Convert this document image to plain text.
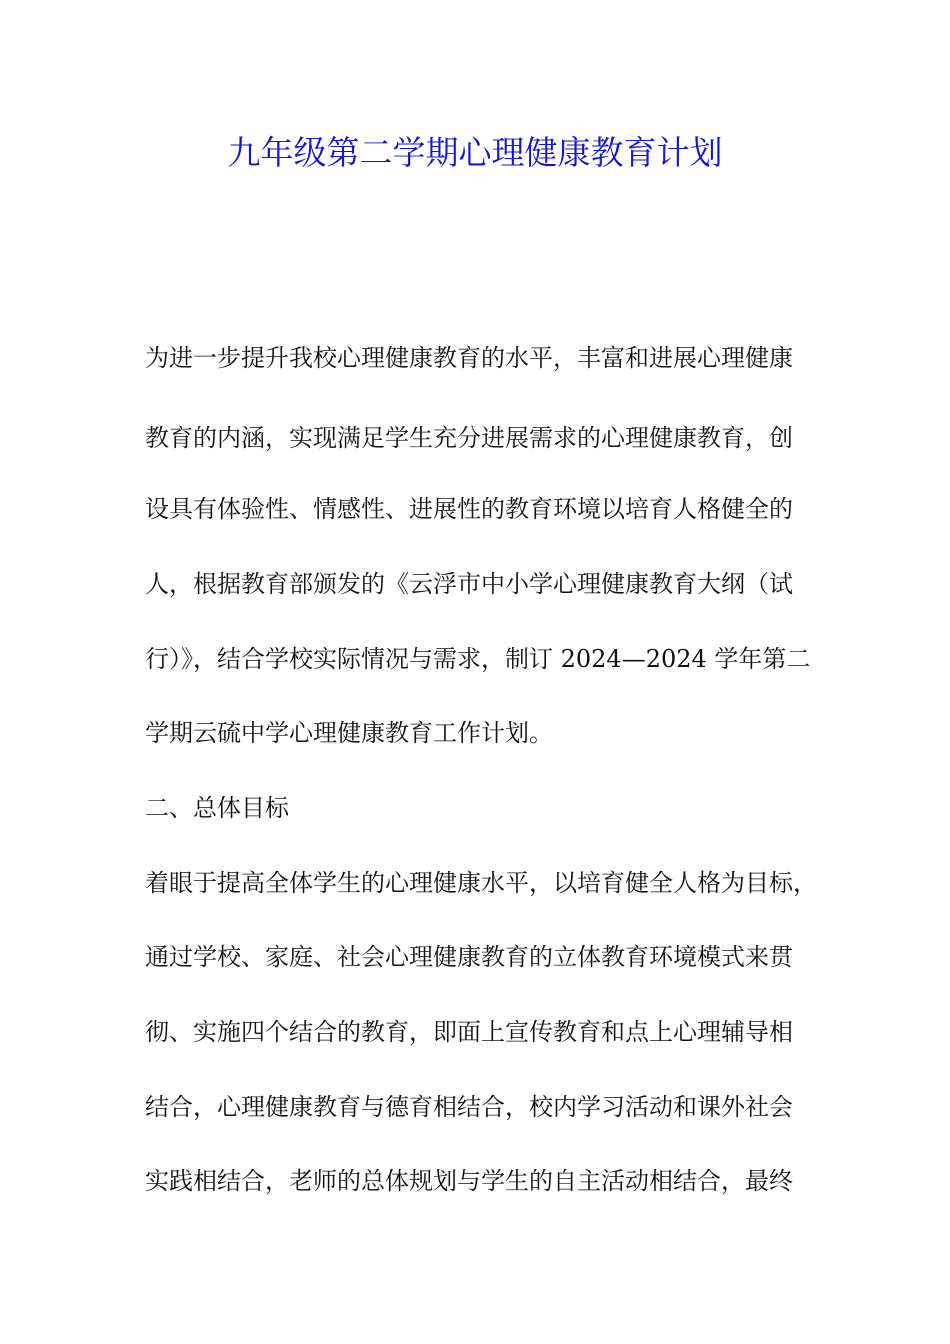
九年级第二学期心理健康教育计划

为进一步提升我校心理健康教育的水平，丰富和进展心理健康

教育的内涵，实现满足学生充分进展需求的心理健康教育，创

设具有体验性、情感性、进展性的教育环境以培育人格健全的

人，根据教育部颁发的《云浮市中小学心理健康教育大纲（试

行）》，结合学校实际情况与需求，制订 2024—2024 学年第二

学期云硫中学心理健康教育工作计划。

二、总体目标

着眼于提高全体学生的心理健康水平，以培育健全人格为目标，

通过学校、家庭、社会心理健康教育的立体教育环境模式来贯

彻、实施四个结合的教育，即面上宣传教育和点上心理辅导相

结合，心理健康教育与德育相结合，校内学习活动和课外社会

实践相结合，老师的总体规划与学生的自主活动相结合，最终
